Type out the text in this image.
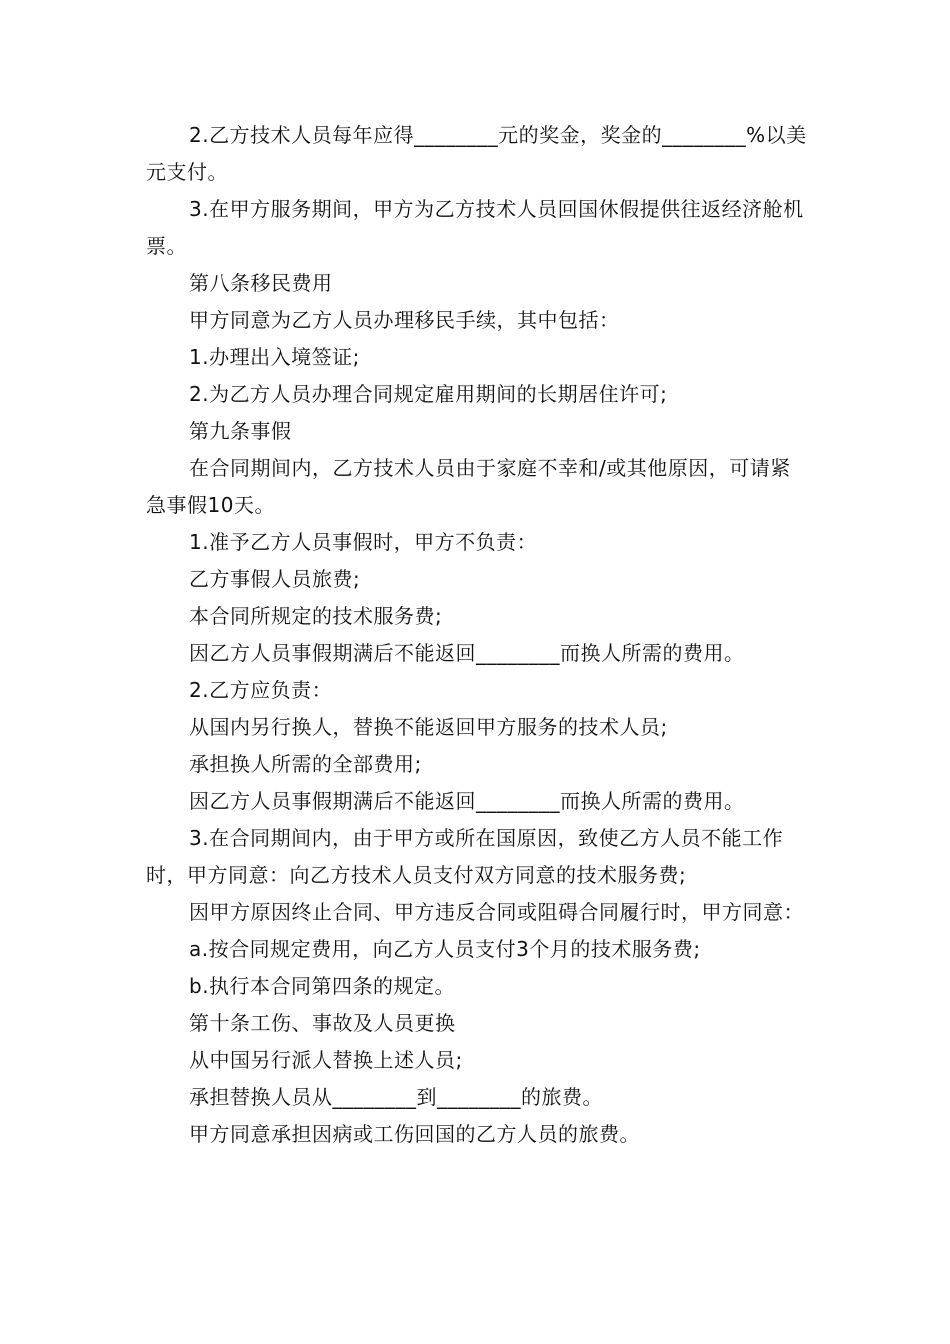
2.乙方技术人员每年应得________元的奖金，奖金的________%以美元支付。

3.在甲方服务期间，甲方为乙方技术人员回国休假提供往返经济舱机票。

第八条移民费用

甲方同意为乙方人员办理移民手续，其中包括：

1.办理出入境签证;

2.为乙方人员办理合同规定雇用期间的长期居住许可;

第九条事假

在合同期间内，乙方技术人员由于家庭不幸和/或其他原因，可请紧急事假10天。

1.准予乙方人员事假时，甲方不负责：

乙方事假人员旅费;

本合同所规定的技术服务费;

因乙方人员事假期满后不能返回________而换人所需的费用。

2.乙方应负责：

从国内另行换人，替换不能返回甲方服务的技术人员;

承担换人所需的全部费用;

因乙方人员事假期满后不能返回________而换人所需的费用。

3.在合同期间内，由于甲方或所在国原因，致使乙方人员不能工作时，甲方同意：向乙方技术人员支付双方同意的技术服务费;

因甲方原因终止合同、甲方违反合同或阻碍合同履行时，甲方同意：

a.按合同规定费用，向乙方人员支付3个月的技术服务费;

b.执行本合同第四条的规定。

第十条工伤、事故及人员更换

从中国另行派人替换上述人员;

承担替换人员从________到________的旅费。

甲方同意承担因病或工伤回国的乙方人员的旅费。
